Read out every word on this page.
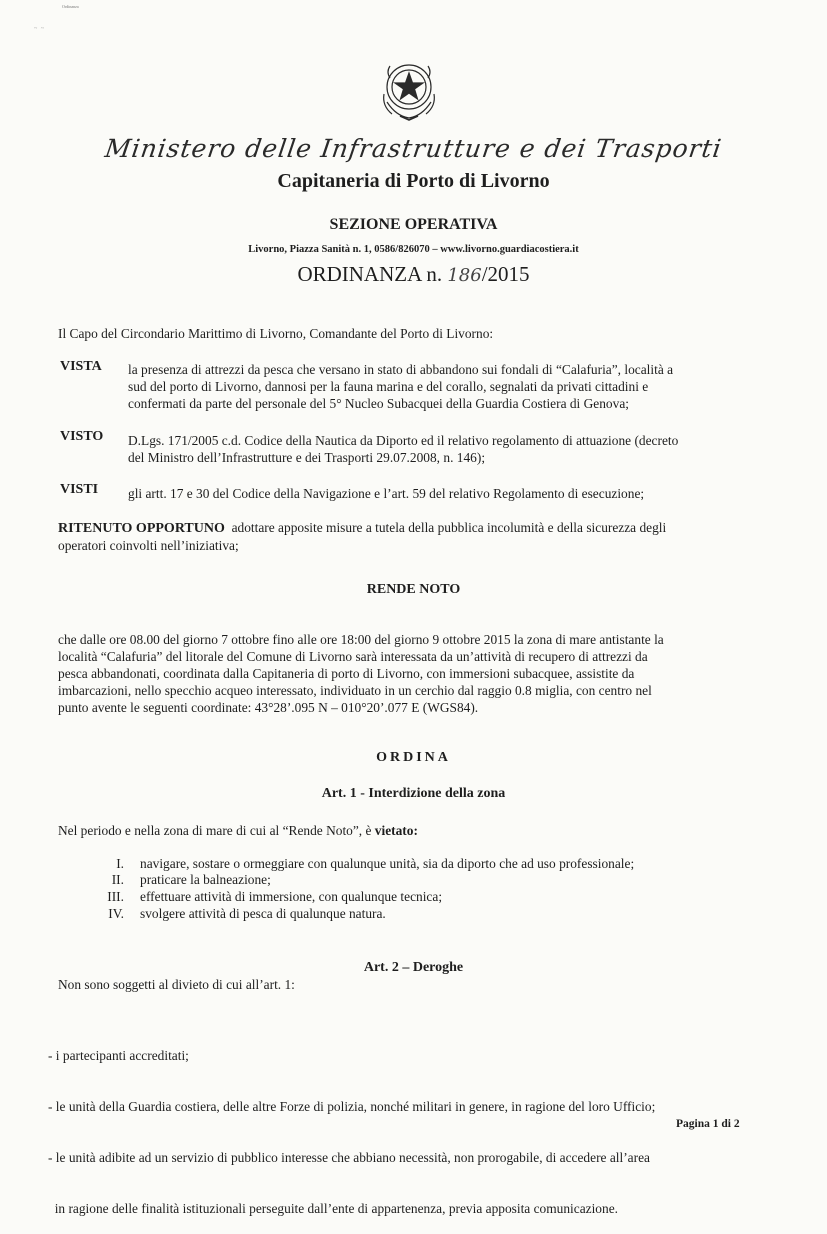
Ordinanza
~ ~
Ministero delle Infrastrutture e dei Trasporti
Capitaneria di Porto di Livorno
SEZIONE OPERATIVA
Livorno, Piazza Sanità n. 1, 0586/826070 – www.livorno.guardiacostiera.it
ORDINANZA n. 186/2015
Il Capo del Circondario Marittimo di Livorno, Comandante del Porto di Livorno:
VISTA la presenza di attrezzi da pesca che versano in stato di abbandono sui fondali di “Calafuria”, località a
sud del porto di Livorno, dannosi per la fauna marina e del corallo, segnalati da privati cittadini e
confermati da parte del personale del 5° Nucleo Subacquei della Guardia Costiera di Genova;
VISTO D.Lgs. 171/2005 c.d. Codice della Nautica da Diporto ed il relativo regolamento di attuazione (decreto
del Ministro dell’Infrastrutture e dei Trasporti 29.07.2008, n. 146);
VISTI gli artt. 17 e 30 del Codice della Navigazione e l’art. 59 del relativo Regolamento di esecuzione;
RITENUTO OPPORTUNO adottare apposite misure a tutela della pubblica incolumità e della sicurezza degli
operatori coinvolti nell’iniziativa;
RENDE NOTO
che dalle ore 08.00 del giorno 7 ottobre fino alle ore 18:00 del giorno 9 ottobre 2015 la zona di mare antistante la
località “Calafuria” del litorale del Comune di Livorno sarà interessata da un’attività di recupero di attrezzi da
pesca abbandonati, coordinata dalla Capitaneria di porto di Livorno, con immersioni subacquee, assistite da
imbarcazioni, nello specchio acqueo interessato, individuato in un cerchio dal raggio 0.8 miglia, con centro nel
punto avente le seguenti coordinate: 43°28’.095 N – 010°20’.077 E (WGS84).
ORDINA
Art. 1 - Interdizione della zona
Nel periodo e nella zona di mare di cui al “Rende Noto”, è vietato:
I. navigare, sostare o ormeggiare con qualunque unità, sia da diporto che ad uso professionale;
II. praticare la balneazione;
III. effettuare attività di immersione, con qualunque tecnica;
IV. svolgere attività di pesca di qualunque natura.
Art. 2 – Deroghe
Non sono soggetti al divieto di cui all’art. 1:

- i partecipanti accreditati;

- le unità della Guardia costiera, delle altre Forze di polizia, nonché militari in genere, in ragione del loro Ufficio;

- le unità adibite ad un servizio di pubblico interesse che abbiano necessità, non prorogabile, di accedere all’area

in ragione delle finalità istituzionali perseguite dall’ente di appartenenza, previa apposita comunicazione.

Pagina 1 di 2
